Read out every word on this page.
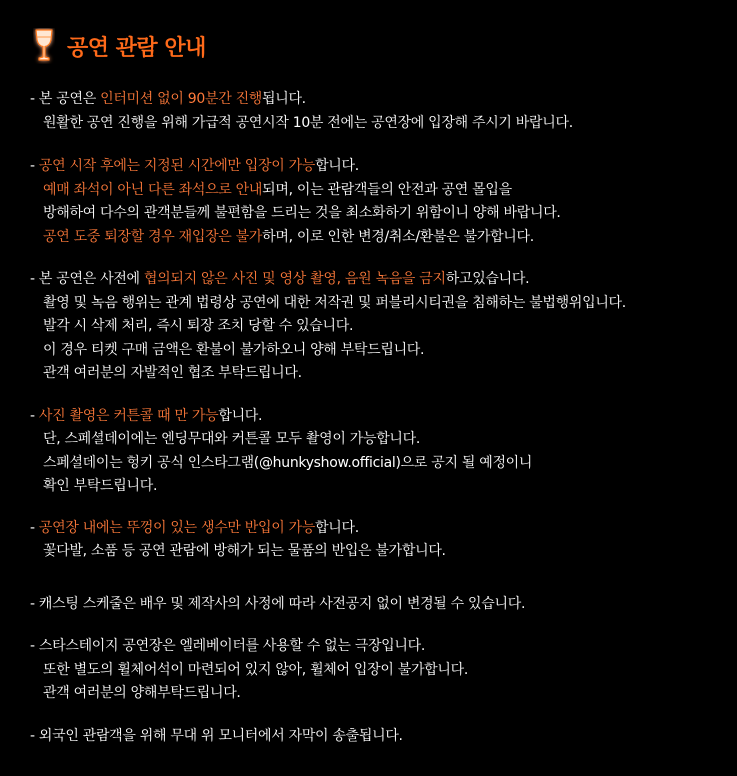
공연 관람 안내
- 본 공연은 인터미션 없이 90분간 진행됩니다.
원활한 공연 진행을 위해 가급적 공연시작 10분 전에는 공연장에 입장해 주시기 바랍니다.
- 공연 시작 후에는 지정된 시간에만 입장이 가능합니다.
예매 좌석이 아닌 다른 좌석으로 안내되며, 이는 관람객들의 안전과 공연 몰입을
방해하여 다수의 관객분들께 불편함을 드리는 것을 최소화하기 위함이니 양해 바랍니다.
공연 도중 퇴장할 경우 재입장은 불가하며, 이로 인한 변경/취소/환불은 불가합니다.
- 본 공연은 사전에 협의되지 않은 사진 및 영상 촬영, 음원 녹음을 금지하고있습니다.
촬영 및 녹음 행위는 관계 법령상 공연에 대한 저작권 및 퍼블리시티권을 침해하는 불법행위입니다.
발각 시 삭제 처리, 즉시 퇴장 조치 당할 수 있습니다.
이 경우 티켓 구매 금액은 환불이 불가하오니 양해 부탁드립니다.
관객 여러분의 자발적인 협조 부탁드립니다.
- 사진 촬영은 커튼콜 때 만 가능합니다.
단, 스페셜데이에는 엔딩무대와 커튼콜 모두 촬영이 가능합니다.
스페셜데이는 헝키 공식 인스타그램(@hunkyshow.official)으로 공지 될 예정이니
확인 부탁드립니다.
- 공연장 내에는 뚜껑이 있는 생수만 반입이 가능합니다.
꽃다발, 소품 등 공연 관람에 방해가 되는 물품의 반입은 불가합니다.
- 캐스팅 스케줄은 배우 및 제작사의 사정에 따라 사전공지 없이 변경될 수 있습니다.
- 스타스테이지 공연장은 엘레베이터를 사용할 수 없는 극장입니다.
또한 별도의 휠체어석이 마련되어 있지 않아, 휠체어 입장이 불가합니다.
관객 여러분의 양해부탁드립니다.
- 외국인 관람객을 위해 무대 위 모니터에서 자막이 송출됩니다.
